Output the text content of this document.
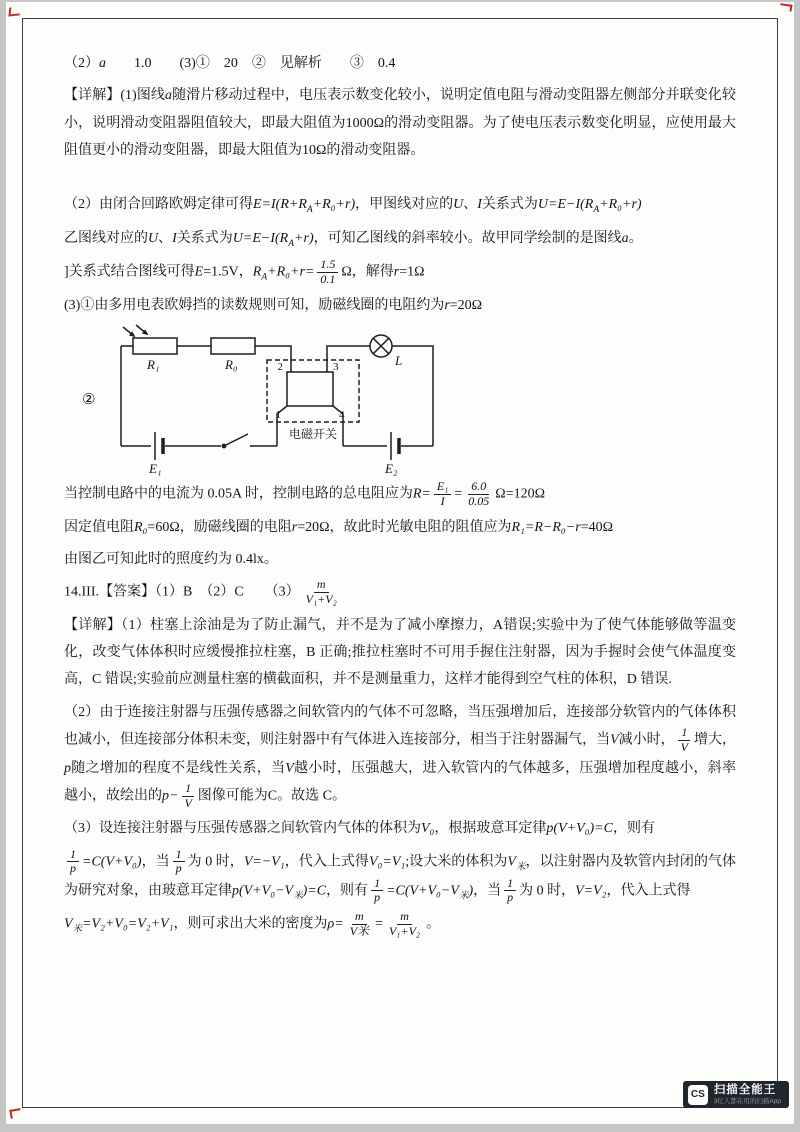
（2）a　　1.0　　(3)①　20　②　见解析　　③　0.4
【详解】(1)图线a随滑片移动过程中，电压表示数变化较小，说明定值电阻与滑动变阻器左侧部分并联变化较小，说明滑动变阻器阻值较大，即最大阻值为1000Ω的滑动变阻器。为了使电压表示数变化明显，应使用最大阻值更小的滑动变阻器，即最大阻值为10Ω的滑动变阻器。
（2）由闭合回路欧姆定律可得$E=I(R+R_A+R_0+r)$，甲图线对应的U、I关系式为$U=E-I(R_A+R_0+r)$
乙图线对应的U、I关系式为$U=E-I(R_A+r)$，可知乙图线的斜率较小。故甲同学绘制的是图线a。
]关系式结合图线可得E=1.5V，$R_A+R_0+r= \frac{1.5}{0.1}$ Ω，解得r=1Ω
(3)①由多用电表欧姆挡的读数规则可知，励磁线圈的电阻约为r=20Ω
②
R₁	R₀	L
E₁	E₂
电磁开关
2	3
1	4
当控制电路中的电流为 0.05A 时，控制电路的总电阻应为$R= \frac{\text{E₁}}{I} = \frac{6.0}{0.05} \Omega=120\Omega$
因定值电阻R₀=60Ω，励磁线圈的电阻r=20Ω，故此时光敏电阻的阻值应为R₁=R−R₀−r=40Ω
由图乙可知此时的照度约为 0.4lx。
14.III.【答案】（1）B　（2）C　　$(3) \frac{m}{\text{V₁+V₂}}$
【详解】（1）柱塞上涂油是为了防止漏气，并不是为了减小摩擦力，A错误;实验中为了使气体能够做等温变化，改变气体体积时应缓慢推拉柱塞，B 正确;推拉柱塞时不可用手握住注射器，因为手握时会使气体温度变高，C 错误;实验前应测量柱塞的横截面积，并不是测量重力，这样才能得到空气柱的体积，D 错误.
（2）由于连接注射器与压强传感器之间软管内的气体不可忽略，当压强增加后，连接部分软管内的气体体积也减小，但连接部分体积未变，则注射器中有气体进入连接部分，相当于注射器漏气，当V减小时， $\frac{1}{V}$ 增大，p随之增加的程度不是线性关系，当V越小时，压强越大，进入软管内的气体越多，压强增加程度越小，斜率越小，故绘出的$p- \frac{1}{V}$ 图像可能为C。故选 C。
（3）设连接注射器与压强传感器之间软管内气体的体积为V₀，根据玻意耳定律p(V+V₀)=C，则有
$\frac{1}{p} =C(V+V_0)$，当 $\frac{1}{p}$ 为 0 时，V=−V₁，代入上式得V₀=V₁;设大米的体积为$V_米$，以注射器内及软管内封闭的气体为研究对象，由玻意耳定律$p(V+V_0-V_米)=C$，则有 $\frac{1}{p} =C(V+V_0-V_米)$，当 $\frac{1}{p}$ 为 0 时，V=V₂，代入上式得
$V_米=V_2+V_0=V_2+V_1$，则可求出大米的密度为$\rho= \frac{m}{\text{V米}} = \frac{m}{\text{V₁+V₂}}$ 。
CS 扫描全能王
3亿人都在用的扫描App
